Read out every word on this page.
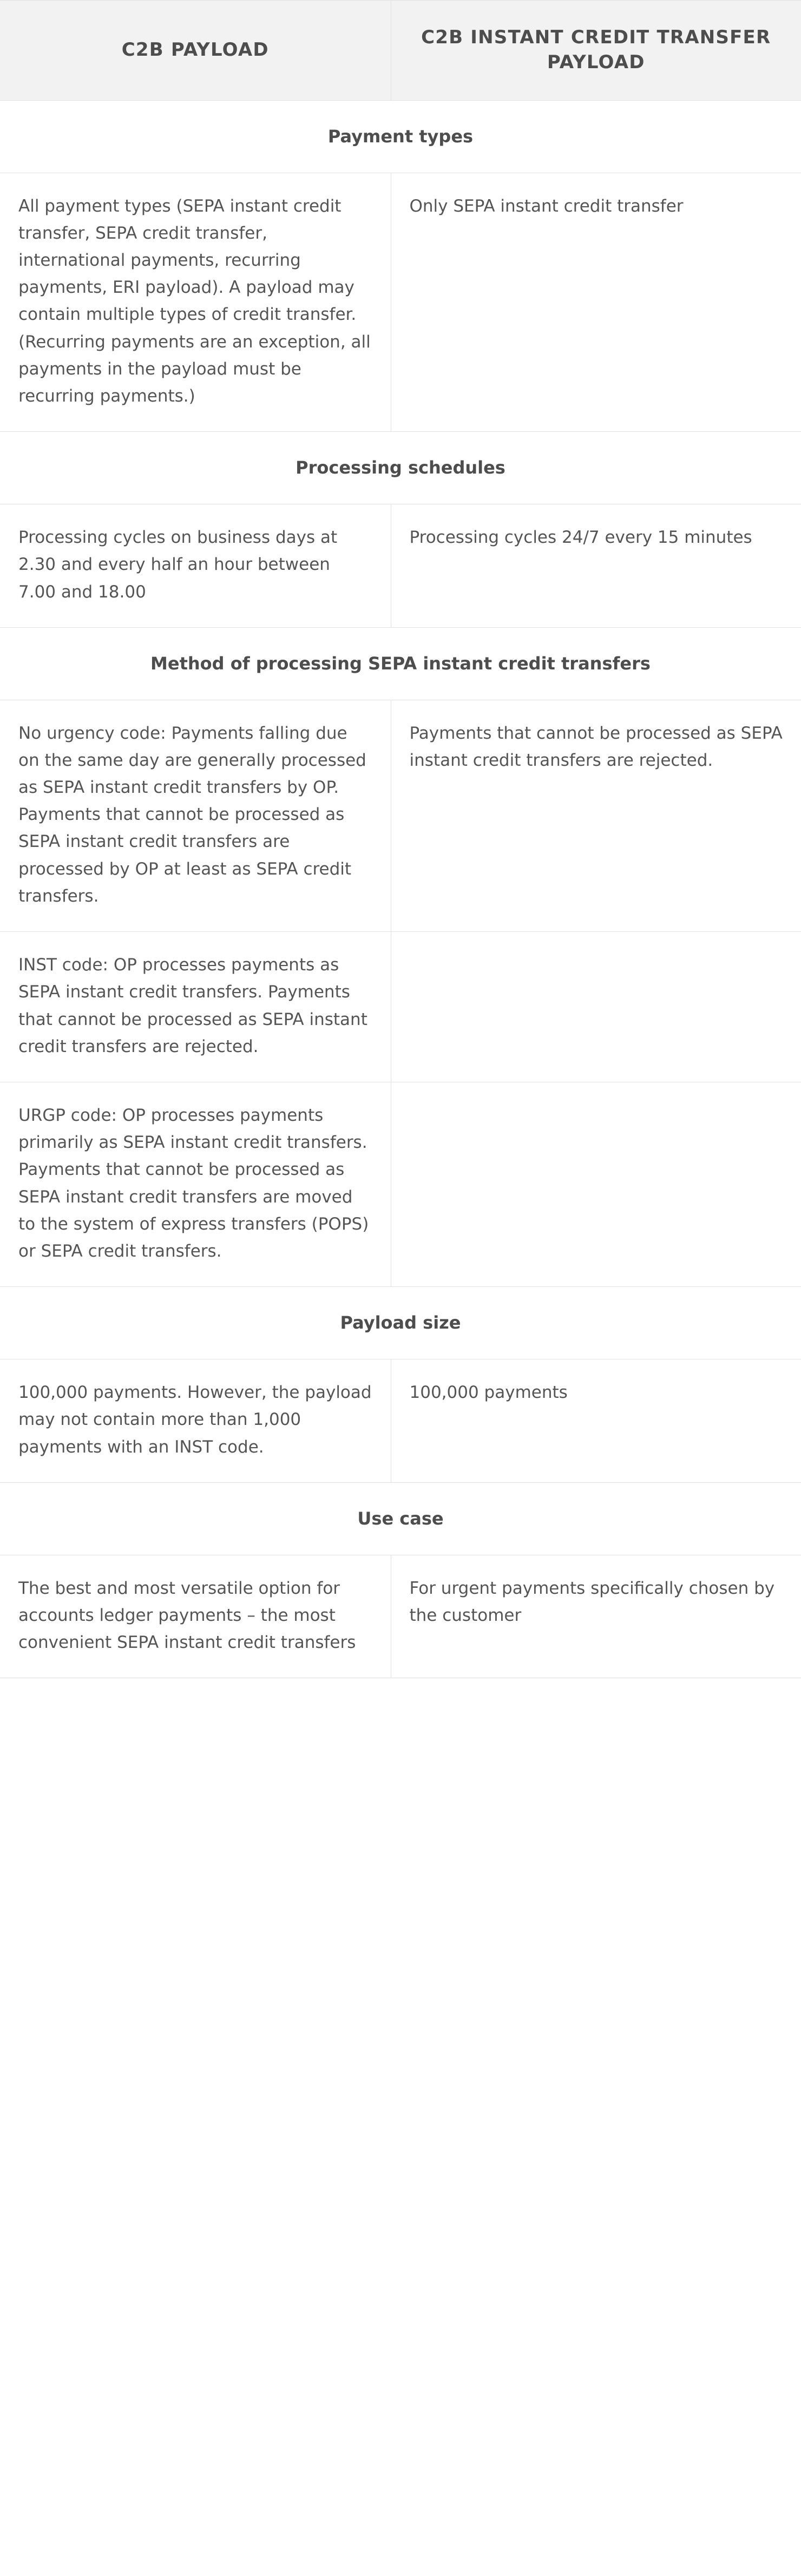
C2B PAYLOAD	C2B INSTANT CREDIT TRANSFER PAYLOAD
Payment types	
All payment types (SEPA instant credit transfer, SEPA credit transfer, international payments, recurring payments, ERI payload). A payload may contain multiple types of credit transfer. (Recurring payments are an exception, all payments in the payload must be recurring payments.)	Only SEPA instant credit transfer
Processing schedules	
Processing cycles on business days at 2.30 and every half an hour between 7.00 and 18.00	Processing cycles 24/7 every 15 minutes
Method of processing SEPA instant credit transfers	
No urgency code: Payments falling due on the same day are generally processed as SEPA instant credit transfers by OP. Payments that cannot be processed as SEPA instant credit transfers are processed by OP at least as SEPA credit transfers.	Payments that cannot be processed as SEPA instant credit transfers are rejected.
INST code: OP processes payments as SEPA instant credit transfers. Payments that cannot be processed as SEPA instant credit transfers are rejected.	
URGP code: OP processes payments primarily as SEPA instant credit transfers. Payments that cannot be processed as SEPA instant credit transfers are moved to the system of express transfers (POPS) or SEPA credit transfers.	
Payload size	
100,000 payments. However, the payload may not contain more than 1,000 payments with an INST code.	100,000 payments
Use case	
The best and most versatile option for accounts ledger payments – the most convenient SEPA instant credit transfers	For urgent payments specifically chosen by the customer
